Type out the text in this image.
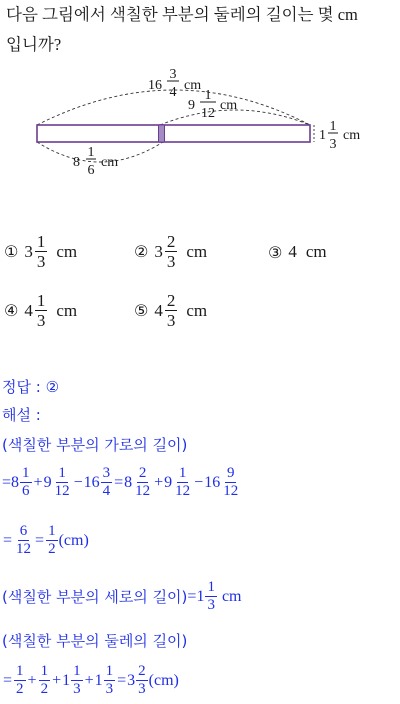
다음 그림에서 색칠한 부분의 둘레의 길이는 몇 cm
입니까?
16
3
4 cm
9
1
12
cm
1
1
3
cm
8
1
6
cm
① $3 \frac{1}{3}$ cm	② $3 \frac{2}{3}$ cm	③ 4 cm
④ $4 \frac{1}{3}$ cm	⑤ $4 \frac{2}{3}$ cm
정답 :
②
해설 :
(색칠한 부분의 가로의 길이)
= $8 \frac{1}{6} + 9 \frac{1}{12} - 16 \frac{3}{4} = 8 \frac{2}{12} + 9 \frac{1}{12} - 16 \frac{9}{12}$
= $\frac{6}{12} = \frac{1}{2} (cm)$
(색칠한 부분의 세로의 길이) = $1 \frac{1}{3}$
cm
(색칠한 부분의 둘레의 길이)
= $\frac{1}{2} + \frac{1}{2} + 1 \frac{1}{3} + 1 \frac{1}{3} = 3 \frac{2}{3} (cm)$
